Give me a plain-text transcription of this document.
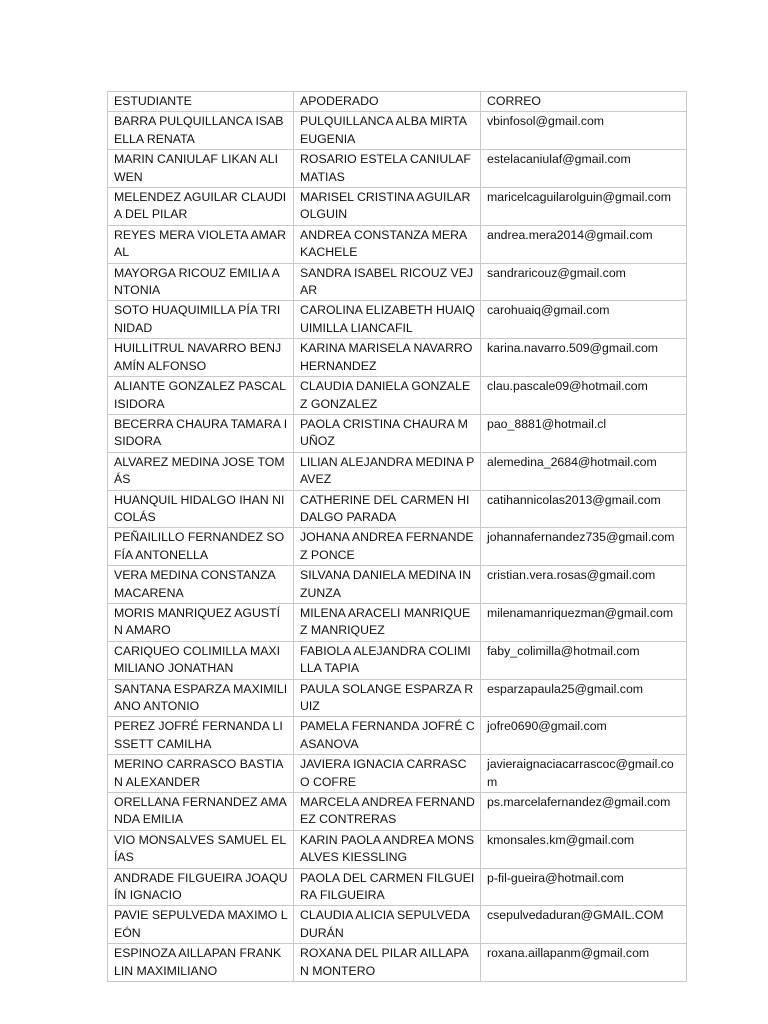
ESTUDIANTE	APODERADO	CORREO
BARRA PULQUILLANCA ISABELLA RENATA	PULQUILLANCA ALBA MIRTA EUGENIA	vbinfosol@gmail.com
MARIN CANIULAF LIKAN ALIWEN	ROSARIO ESTELA CANIULAF MATIAS	estelacaniulaf@gmail.com
MELENDEZ AGUILAR CLAUDIA DEL PILAR	MARISEL CRISTINA AGUILAR OLGUIN	maricelcaguilarolguin@gmail.com
REYES MERA VIOLETA AMARAL	ANDREA CONSTANZA MERA KACHELE	andrea.mera2014@gmail.com
MAYORGA RICOUZ EMILIA ANTONIA	SANDRA ISABEL RICOUZ VEJAR	sandraricouz@gmail.com
SOTO HUAQUIMILLA PÍA TRINIDAD	CAROLINA ELIZABETH HUAIQUIMILLA LIANCAFIL	carohuaiq@gmail.com
HUILLITRUL NAVARRO BENJAMÍN ALFONSO	KARINA MARISELA NAVARRO HERNANDEZ	karina.navarro.509@gmail.com
ALIANTE GONZALEZ PASCAL ISIDORA	CLAUDIA DANIELA GONZALEZ GONZALEZ	clau.pascale09@hotmail.com
BECERRA CHAURA TAMARA ISIDORA	PAOLA CRISTINA CHAURA MUÑOZ	pao_8881@hotmail.cl
ALVAREZ MEDINA JOSE TOMÁS	LILIAN ALEJANDRA MEDINA PAVEZ	alemedina_2684@hotmail.com
HUANQUIL HIDALGO IHAN NICOLÁS	CATHERINE DEL CARMEN HIDALGO PARADA	catihannicolas2013@gmail.com
PEÑAILILLO FERNANDEZ SOFÍA ANTONELLA	JOHANA ANDREA FERNANDEZ PONCE	johannafernandez735@gmail.com
VERA MEDINA CONSTANZA MACARENA	SILVANA DANIELA MEDINA INZUNZA	cristian.vera.rosas@gmail.com
MORIS MANRIQUEZ AGUSTÍN AMARO	MILENA ARACELI MANRIQUEZ MANRIQUEZ	milenamanriquezman@gmail.com
CARIQUEO COLIMILLA MAXIMILIANO JONATHAN	FABIOLA ALEJANDRA COLIMILLA TAPIA	faby_colimilla@hotmail.com
SANTANA ESPARZA MAXIMILIANO ANTONIO	PAULA SOLANGE ESPARZA RUIZ	esparzapaula25@gmail.com
PEREZ JOFRÉ FERNANDA LISSETT CAMILHA	PAMELA FERNANDA JOFRÉ CASANOVA	jofre0690@gmail.com
MERINO CARRASCO BASTIAN ALEXANDER	JAVIERA IGNACIA CARRASCO COFRE	javieraignaciacarrascoc@gmail.com
ORELLANA FERNANDEZ AMANDA EMILIA	MARCELA ANDREA FERNANDEZ CONTRERAS	ps.marcelafernandez@gmail.com
VIO MONSALVES SAMUEL ELÍAS	KARIN PAOLA ANDREA MONSALVES KIESSLING	kmonsales.km@gmail.com
ANDRADE FILGUEIRA JOAQUÍN IGNACIO	PAOLA DEL CARMEN FILGUEIRA FILGUEIRA	p-fil-gueira@hotmail.com
PAVIE SEPULVEDA MAXIMO LEÓN	CLAUDIA ALICIA SEPULVEDA DURÁN	csepulvedaduran@GMAIL.COM
ESPINOZA AILLAPAN FRANKLIN MAXIMILIANO	ROXANA DEL PILAR AILLAPAN MONTERO	roxana.aillapanm@gmail.com
